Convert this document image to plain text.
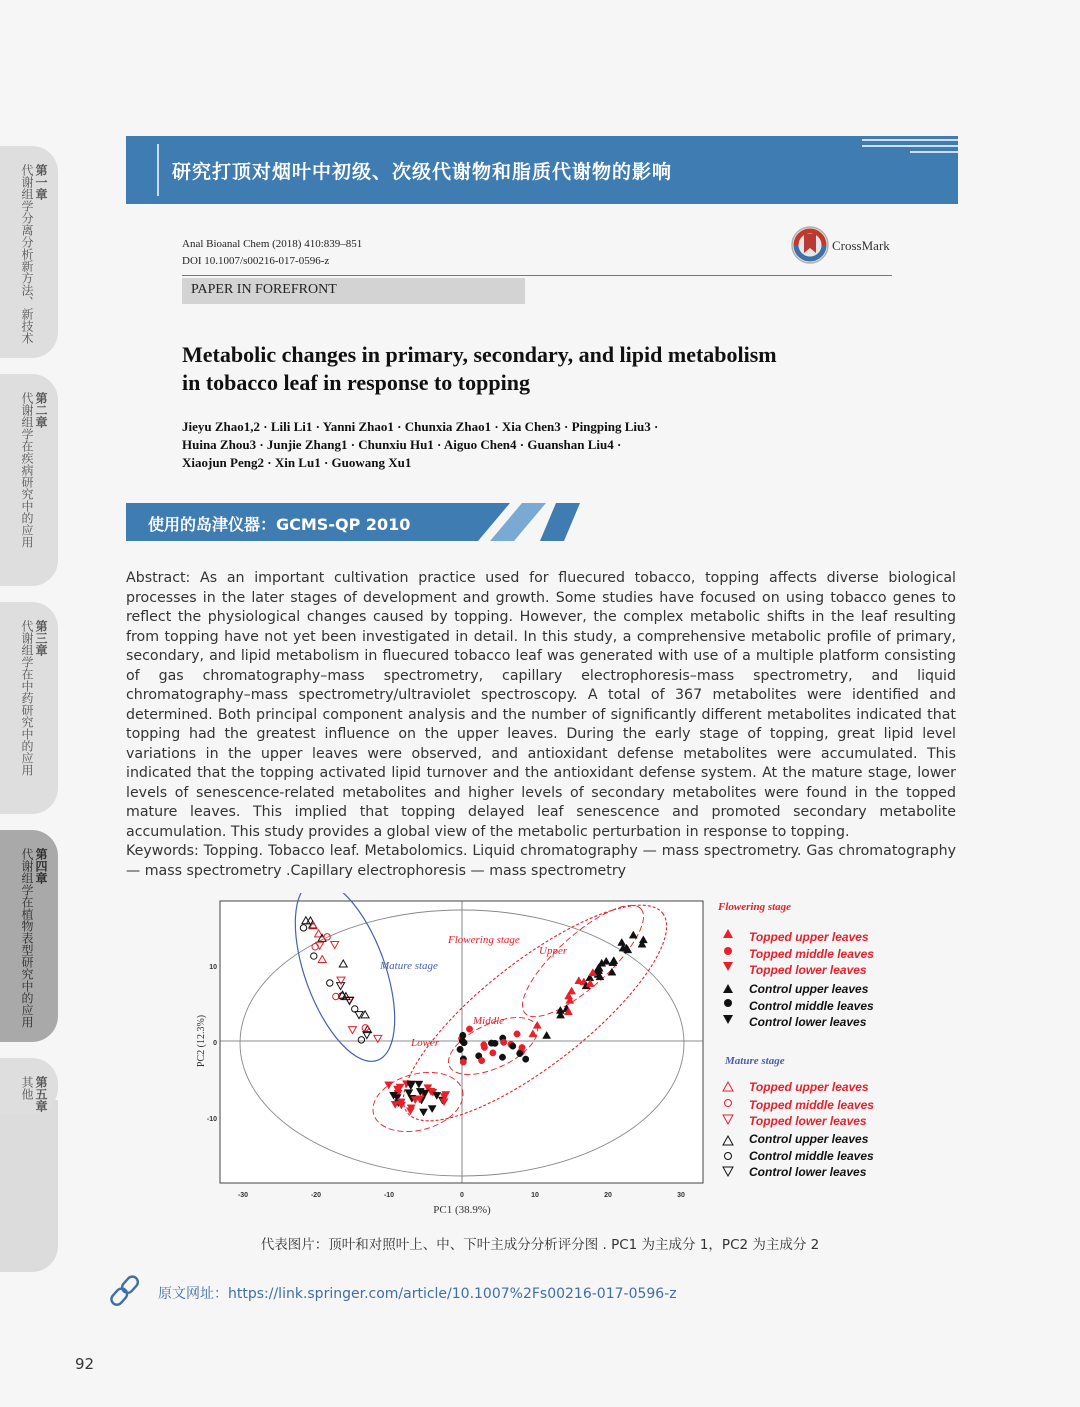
第一章
代谢组学分离分析新方法、新技术
第二章
代谢组学在疾病研究中的应用
第三章
代谢组学在中药研究中的应用
第四章
代谢组学在植物表型研究中的应用
第五章
其他
研究打顶对烟叶中初级、次级代谢物和脂质代谢物的影响
Anal Bioanal Chem (2018) 410:839–851
DOI 10.1007/s00216-017-0596-z
CrossMark
PAPER IN FOREFRONT
Metabolic changes in primary, secondary, and lipid metabolism
in tobacco leaf in response to topping
Jieyu Zhao1,2 · Lili Li1 · Yanni Zhao1 · Chunxia Zhao1 · Xia Chen3 · Pingping Liu3 ·
Huina Zhou3 · Junjie Zhang1 · Chunxiu Hu1 · Aiguo Chen4 · Guanshan Liu4 ·
Xiaojun Peng2 · Xin Lu1 · Guowang Xu1
使用的岛津仪器：GCMS-QP 2010

Abstract: As an important cultivation practice used for fluecured tobacco, topping affects diverse biological processes in the later stages of development and growth. Some studies have focused on using tobacco genes to reflect the physiological changes caused by topping. However, the complex metabolic shifts in the leaf resulting from topping have not yet been investigated in detail. In this study, a comprehensive metabolic profile of primary, secondary, and lipid metabolism in fluecured tobacco leaf was generated with use of a multiple platform consisting of gas chromatography–mass spectrometry, capillary electrophoresis–mass spectrometry, and liquid chromatography–mass spectrometry/ultraviolet spectroscopy. A total of 367 metabolites were identified and determined. Both principal component analysis and the number of significantly different metabolites indicated that topping had the greatest influence on the upper leaves. During the early stage of topping, great lipid level variations in the upper leaves were observed, and antioxidant defense metabolites were accumulated. This indicated that the topping activated lipid turnover and the antioxidant defense system. At the mature stage, lower levels of senescence-related metabolites and higher levels of secondary metabolites were found in the topped mature leaves. This implied that topping delayed leaf senescence and promoted secondary metabolite accumulation. This study provides a global view of the metabolic perturbation in response to topping.

Keywords: Topping. Tobacco leaf. Metabolomics. Liquid chromatography — mass spectrometry. Gas chromatography — mass spectrometry .Capillary electrophoresis — mass spectrometry

Mature stage
Flowering stage
Upper
Middle
Lower
-30	-20	-10	0	10	20	30
10
0
-10
PC1 (38.9%)
PC2 (12.3%)
Flowering stage
Topped upper leaves
Topped middle leaves
Topped lower leaves
Control upper leaves
Control middle leaves
Control lower leaves
Mature stage
Topped upper leaves
Topped middle leaves
Topped lower leaves
Control upper leaves
Control middle leaves
Control lower leaves
代表图片：顶叶和对照叶上、中、下叶主成分分析评分图 . PC1 为主成分 1，PC2 为主成分 2
原文网址：https://link.springer.com/article/10.1007%2Fs00216-017-0596-z
92
